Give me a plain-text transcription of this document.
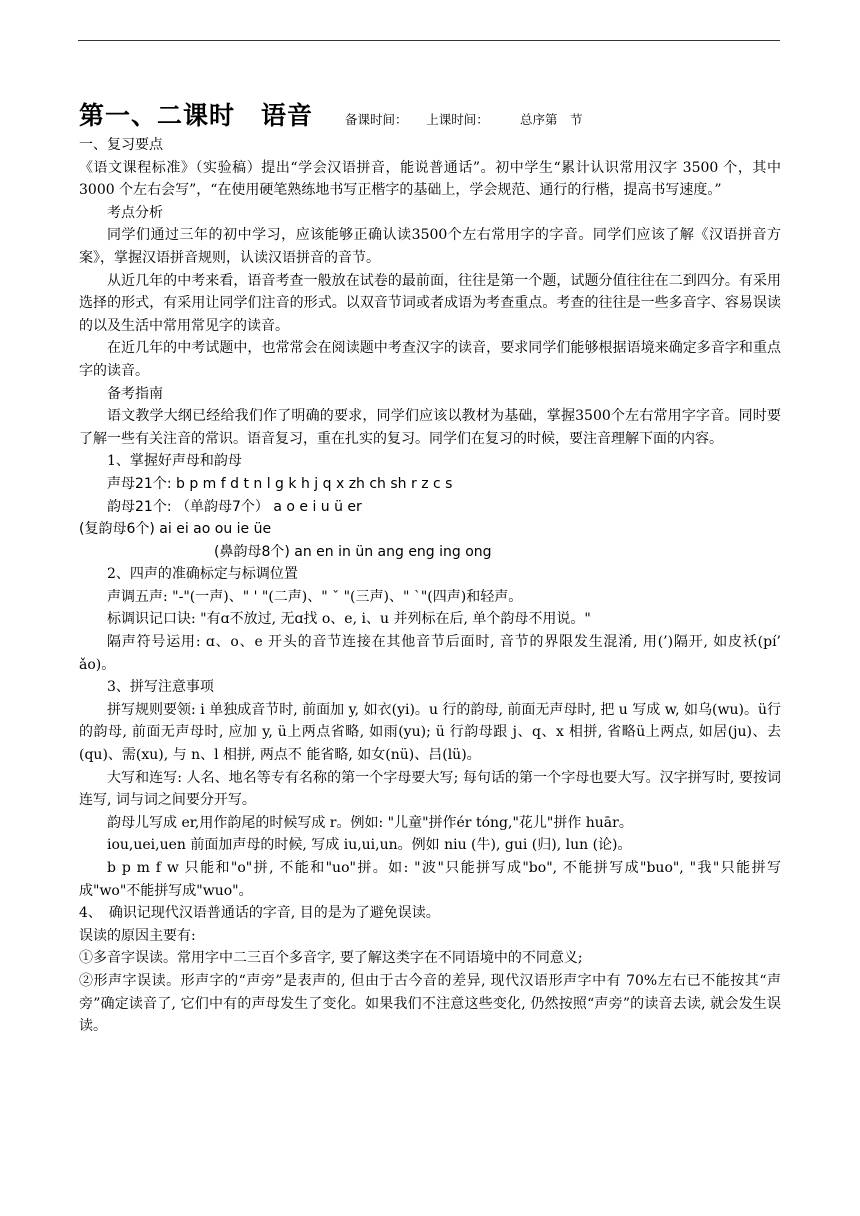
第一、二课时　语音	备课时间：　　上课时间：　　　总序第　节

一、复习要点

《语文课程标准》（实验稿）提出“学会汉语拼音，能说普通话”。初中学生“累计认识常用汉字 3500 个，其中 3000 个左右会写”，“在使用硬笔熟练地书写正楷字的基础上，学会规范、通行的行楷，提高书写速度。”

考点分析

同学们通过三年的初中学习，应该能够正确认读3500个左右常用字的字音。同学们应该了解《汉语拼音方案》，掌握汉语拼音规则，认读汉语拼音的音节。

从近几年的中考来看，语音考查一般放在试卷的最前面，往往是第一个题，试题分值往往在二到四分。有采用选择的形式，有采用让同学们注音的形式。以双音节词或者成语为考查重点。考查的往往是一些多音字、容易误读的以及生活中常用常见字的读音。

在近几年的中考试题中，也常常会在阅读题中考查汉字的读音，要求同学们能够根据语境来确定多音字和重点字的读音。

备考指南

语文教学大纲已经给我们作了明确的要求，同学们应该以教材为基础，掌握3500个左右常用字字音。同时要了解一些有关注音的常识。语音复习，重在扎实的复习。同学们在复习的时候，要注音理解下面的内容。

1、掌握好声母和韵母

声母21个: b p m f d t n l g k h j q x zh ch sh r z c s

韵母21个: （单韵母7个） a o e i u ü er

(复韵母6个) ai ei ao ou ie üe

(鼻韵母8个) an en in ün ang eng ing ong

2、四声的准确标定与标调位置

声调五声: "-"(一声)、" ' "(二声)、" ˇ "(三声)、" `"(四声)和轻声。

标调识记口诀: "有ɑ不放过, 无ɑ找 o、e, i、u 并列标在后, 单个韵母不用说。"

隔声符号运用: ɑ、o、e 开头的音节连接在其他音节后面时, 音节的界限发生混淆, 用(’)隔开, 如皮袄(pí’ ǎo)。

3、拼写注意事项

拼写规则要领: i 单独成音节时, 前面加 y, 如衣(yi)。u 行的韵母, 前面无声母时, 把 u 写成 w, 如乌(wu)。ü行的韵母, 前面无声母时, 应加 y, ü上两点省略, 如雨(yu); ü 行韵母跟 j、q、x 相拼, 省略ü上两点, 如居(ju)、去(qu)、需(xu), 与 n、l 相拼, 两点不 能省略, 如女(nü)、吕(lü)。

大写和连写: 人名、地名等专有名称的第一个字母要大写; 每句话的第一个字母也要大写。汉字拼写时, 要按词连写, 词与词之间要分开写。

韵母儿写成 er,用作韵尾的时候写成 r。例如: "儿童"拼作ér tóng,"花儿"拼作 huār。

iou,uei,uen 前面加声母的时候, 写成 iu,ui,un。例如 niu (牛), gui (归), lun (论)。

b p m f w 只能和"o"拼, 不能和"uo"拼。如: "波"只能拼写成"bo", 不能拼写成"buo", "我"只能拼写成"wo"不能拼写成"wuo"。

4、　确识记现代汉语普通话的字音, 目的是为了避免误读。

误读的原因主要有:

①多音字误读。常用字中二三百个多音字, 要了解这类字在不同语境中的不同意义;

②形声字误读。形声字的“声旁”是表声的, 但由于古今音的差异, 现代汉语形声字中有 70%左右已不能按其“声旁”确定读音了, 它们中有的声母发生了变化。如果我们不注意这些变化, 仍然按照“声旁”的读音去读, 就会发生误读。
